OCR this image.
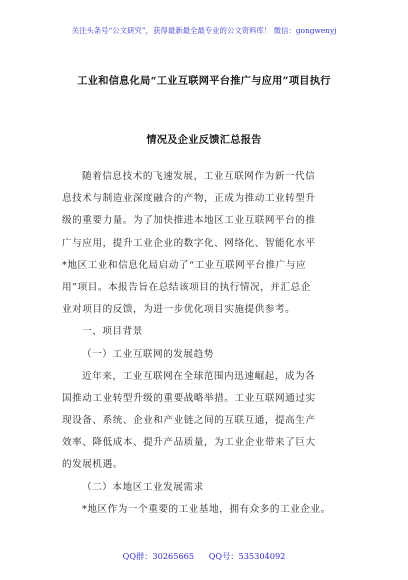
关注头条号“公文研究”，获得最新最全最专业的公文资料库！ 微信：gongwenyj
工业和信息化局“工业互联网平台推广与应用”项目执行
情况及企业反馈汇总报告
随着信息技术的飞速发展，工业互联网作为新一代信
息技术与制造业深度融合的产物，正成为推动工业转型升
级的重要力量。为了加快推进本地区工业互联网平台的推
广与应用，提升工业企业的数字化、网络化、智能化水平
*地区工业和信息化局启动了“工业互联网平台推广与应
用”项目。本报告旨在总结该项目的执行情况，并汇总企
业对项目的反馈，为进一步优化项目实施提供参考。
一、项目背景
（一）工业互联网的发展趋势
近年来，工业互联网在全球范围内迅速崛起，成为各
国推动工业转型升级的重要战略举措。工业互联网通过实
现设备、系统、企业和产业链之间的互联互通，提高生产
效率、降低成本、提升产品质量，为工业企业带来了巨大
的发展机遇。
（二）本地区工业发展需求
*地区作为一个重要的工业基地，拥有众多的工业企业。
QQ群：30265665 QQ号：535304092
